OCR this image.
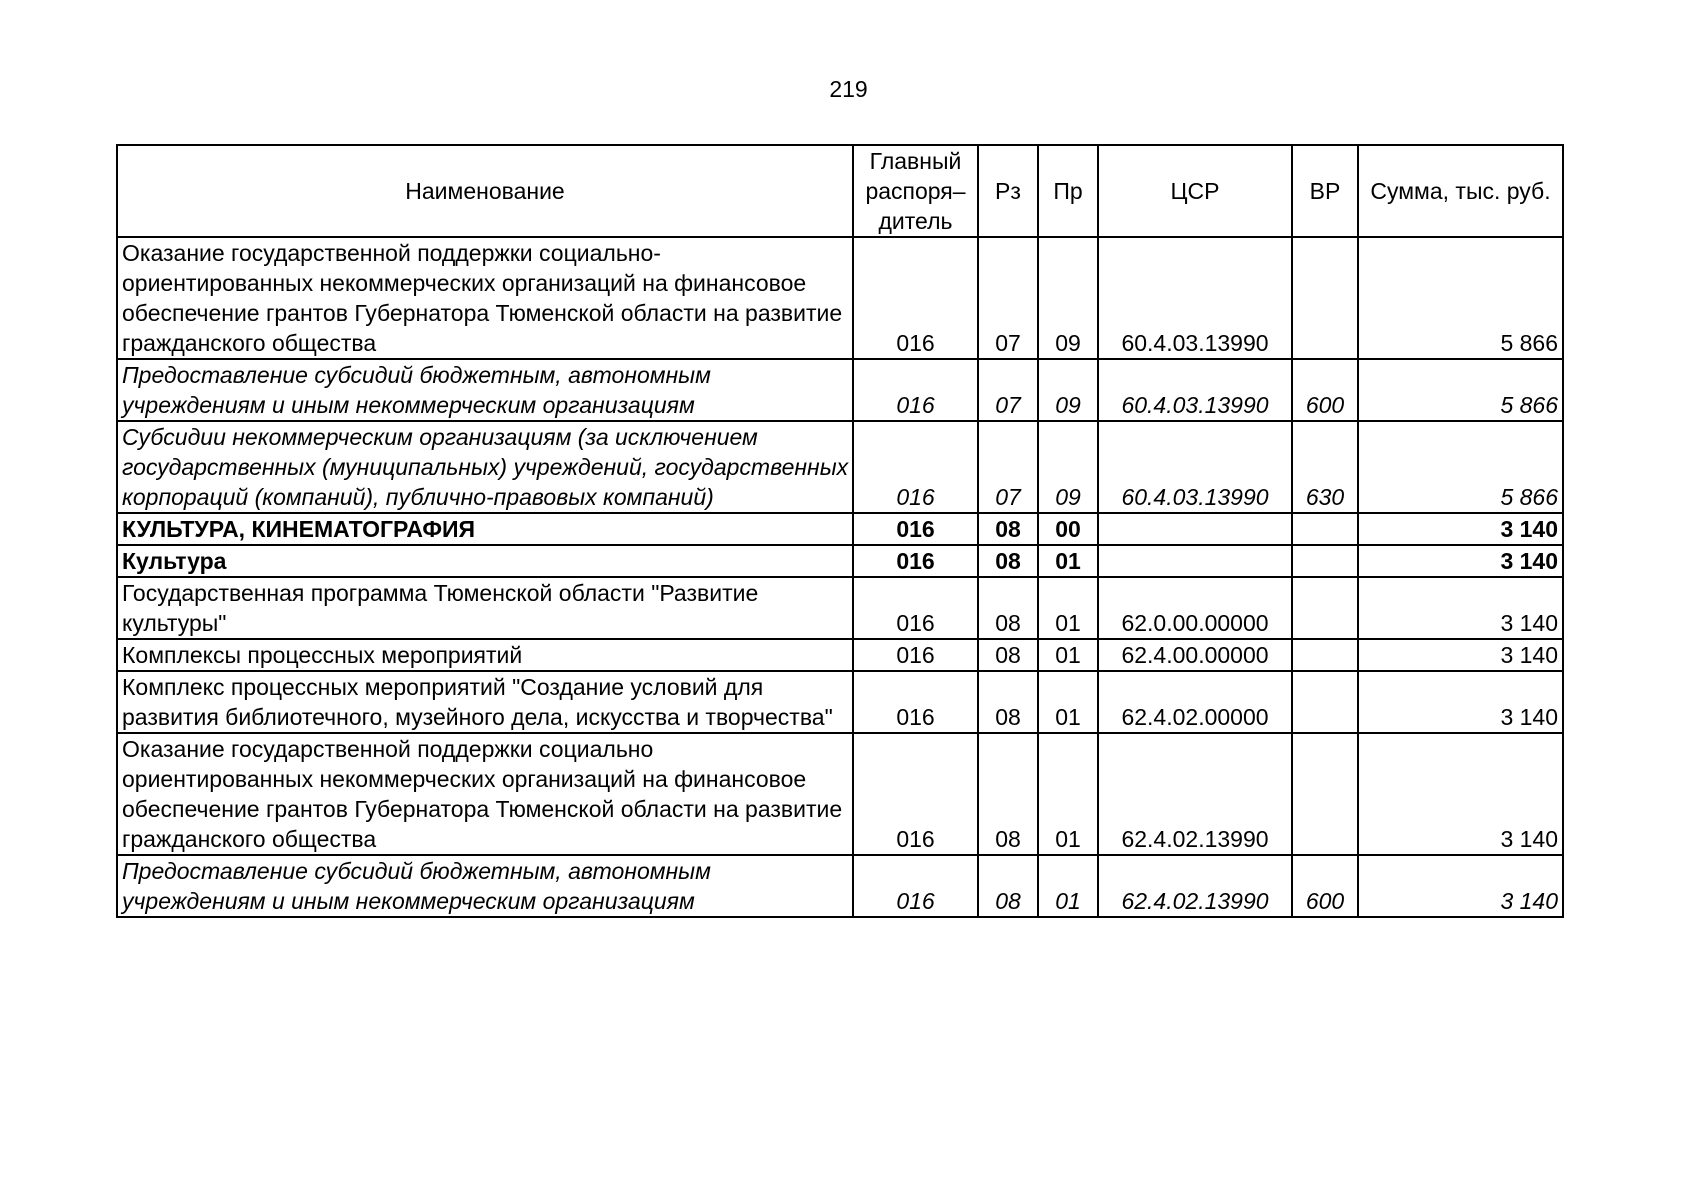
219
Наименование	Главный распоря–дитель	Рз	Пр	ЦСР	ВР	Сумма, тыс. руб.
Оказание государственной поддержки социально-ориентированных некоммерческих организаций на финансовое обеспечение грантов Губернатора Тюменской области на развитие гражданского общества	016	07	09	60.4.03.13990		5 866
Предоставление субсидий бюджетным, автономным учреждениям и иным некоммерческим организациям	016	07	09	60.4.03.13990	600	5 866
Субсидии некоммерческим организациям (за исключением государственных (муниципальных) учреждений, государственных корпораций (компаний), публично-правовых компаний)	016	07	09	60.4.03.13990	630	5 866
КУЛЬТУРА, КИНЕМАТОГРАФИЯ	016	08	00			3 140
Культура	016	08	01			3 140
Государственная программа Тюменской области "Развитие культуры"	016	08	01	62.0.00.00000		3 140
Комплексы процессных мероприятий	016	08	01	62.4.00.00000		3 140
Комплекс процессных мероприятий "Создание условий для развития библиотечного, музейного дела, искусства и творчества"	016	08	01	62.4.02.00000		3 140
Оказание государственной поддержки социально ориентированных некоммерческих организаций на финансовое обеспечение грантов Губернатора Тюменской области на развитие гражданского общества	016	08	01	62.4.02.13990		3 140
Предоставление субсидий бюджетным, автономным учреждениям и иным некоммерческим организациям	016	08	01	62.4.02.13990	600	3 140
